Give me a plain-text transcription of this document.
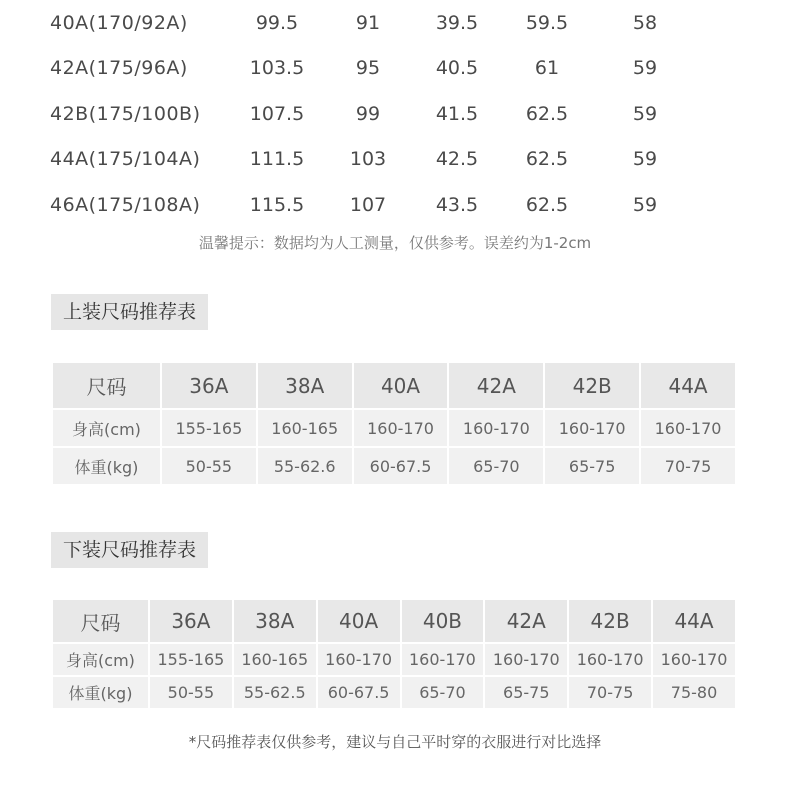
40A(170/92A)	99.5	91	39.5	59.5	58
42A(175/96A)	103.5	95	40.5	61	59
42B(175/100B)	107.5	99	41.5	62.5	59
44A(175/104A)	111.5	103	42.5	62.5	59
46A(175/108A)	115.5	107	43.5	62.5	59
温馨提示：数据均为人工测量，仅供参考。误差约为1-2cm
上装尺码推荐表
尺码	36A	38A	40A	42A	42B	44A
身高(cm)	155-165	160-165	160-170	160-170	160-170	160-170
体重(kg)	50-55	55-62.6	60-67.5	65-70	65-75	70-75
下装尺码推荐表
尺码	36A	38A	40A	40B	42A	42B	44A
身高(cm)	155-165	160-165	160-170	160-170	160-170	160-170	160-170
体重(kg)	50-55	55-62.5	60-67.5	65-70	65-75	70-75	75-80
*尺码推荐表仅供参考，建议与自己平时穿的衣服进行对比选择
